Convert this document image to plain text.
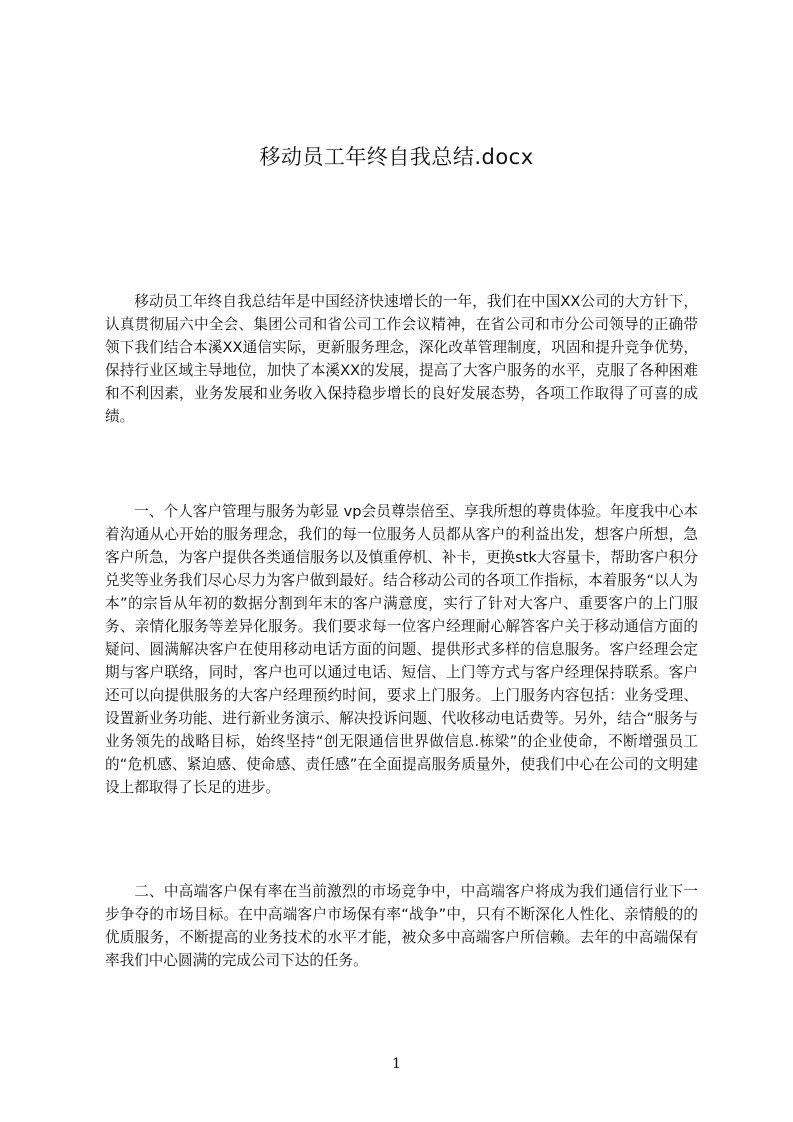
移动员工年终自我总结.docx

移动员工年终自我总结年是中国经济快速增长的一年，我们在中国XX公司的大方针下，认真贯彻届六中全会、集团公司和省公司工作会议精神，在省公司和市分公司领导的正确带领下我们结合本溪XX通信实际，更新服务理念，深化改革管理制度，巩固和提升竞争优势，保持行业区域主导地位，加快了本溪XX的发展，提高了大客户服务的水平，克服了各种困难和不利因素，业务发展和业务收入保持稳步增长的良好发展态势，各项工作取得了可喜的成绩。

一、个人客户管理与服务为彰显 vp会员尊崇倍至、享我所想的尊贵体验。年度我中心本着沟通从心开始的服务理念，我们的每一位服务人员都从客户的利益出发，想客户所想，急客户所急，为客户提供各类通信服务以及慎重停机、补卡，更换stk大容量卡，帮助客户积分兑奖等业务我们尽心尽力为客户做到最好。结合移动公司的各项工作指标，本着服务“以人为本”的宗旨从年初的数据分割到年末的客户满意度，实行了针对大客户、重要客户的上门服务、亲情化服务等差异化服务。我们要求每一位客户经理耐心解答客户关于移动通信方面的疑问、圆满解决客户在使用移动电话方面的问题、提供形式多样的信息服务。客户经理会定期与客户联络，同时，客户也可以通过电话、短信、上门等方式与客户经理保持联系。客户还可以向提供服务的大客户经理预约时间，要求上门服务。上门服务内容包括：业务受理、设置新业务功能、进行新业务演示、解决投诉问题、代收移动电话费等。另外，结合“服务与业务领先的战略目标，始终坚持“创无限通信世界做信息.栋梁”的企业使命，不断增强员工的“危机感、紧迫感、使命感、责任感”在全面提高服务质量外，使我们中心在公司的文明建设上都取得了长足的进步。

二、中高端客户保有率在当前激烈的市场竞争中，中高端客户将成为我们通信行业下一步争夺的市场目标。在中高端客户市场保有率“战争”中，只有不断深化人性化、亲情般的的优质服务，不断提高的业务技术的水平才能，被众多中高端客户所信赖。去年的中高端保有率我们中心圆满的完成公司下达的任务。

1
